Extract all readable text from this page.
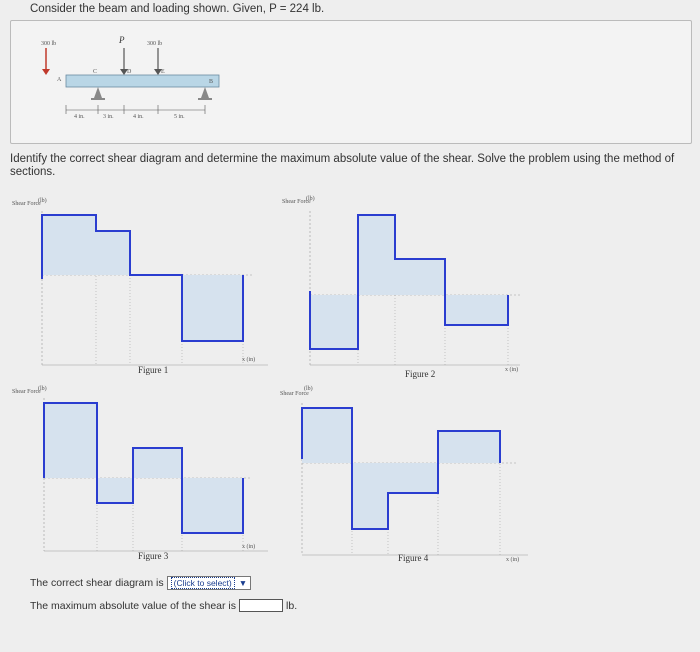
Consider the beam and loading shown. Given, P = 224 lb.
300 lb	P	300 lb
A
C	D	E
B
4 in.	3 in.	4 in.	5 in.
Identify the correct shear diagram and determine the maximum absolute value of the shear. Solve the problem using the method of sections.
Shear Force
(lb)
Figure 1
x (in)
Shear Force
(lb)
Figure 2	x (in)
Shear Force
(lb)
Figure 3
x (in)
Shear Force
(lb)
Figure 4	x (in)
The correct shear diagram is	(Click to select) ▼
The maximum absolute value of the shear is	lb.
